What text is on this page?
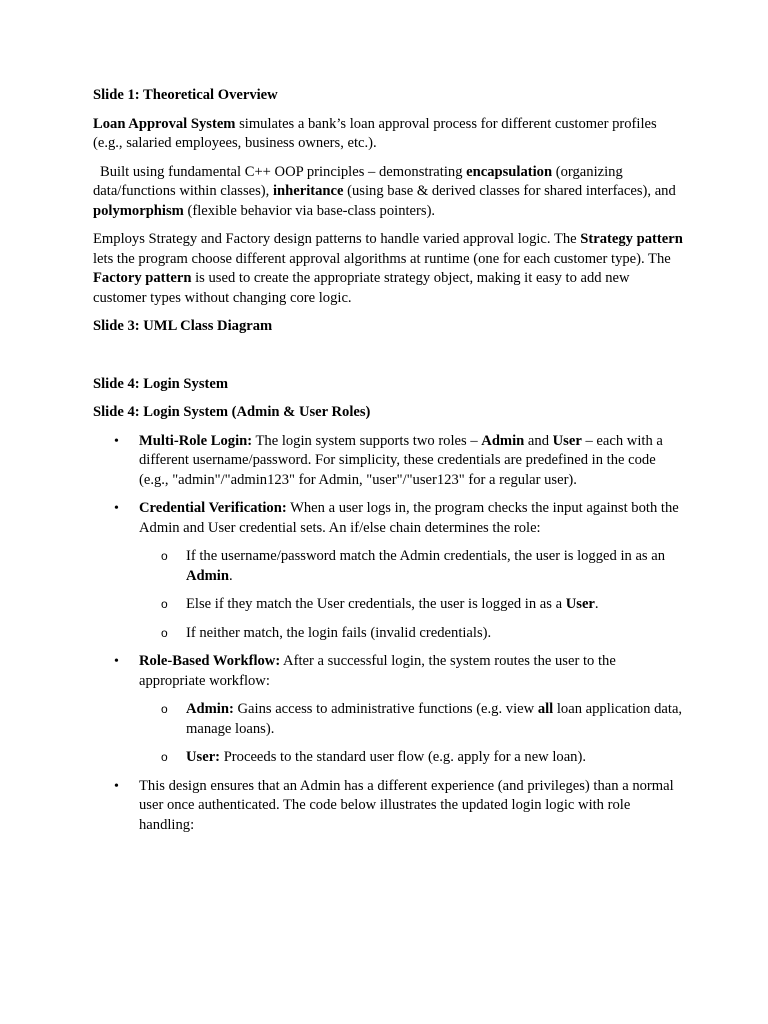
Slide 1: Theoretical Overview

Loan Approval System simulates a bank’s loan approval process for different customer profiles (e.g., salaried employees, business owners, etc.).

Built using fundamental C++ OOP principles – demonstrating encapsulation (organizing data/functions within classes), inheritance (using base & derived classes for shared interfaces), and polymorphism (flexible behavior via base-class pointers).

Employs Strategy and Factory design patterns to handle varied approval logic. The Strategy pattern lets the program choose different approval algorithms at runtime (one for each customer type). The Factory pattern is used to create the appropriate strategy object, making it easy to add new customer types without changing core logic.

Slide 3: UML Class Diagram

Slide 4: Login System

Slide 4: Login System (Admin & User Roles)

• Multi-Role Login: The login system supports two roles – Admin and User – each with a different username/password. For simplicity, these credentials are predefined in the code (e.g., "admin"/"admin123" for Admin, "user"/"user123" for a regular user).
• Credential Verification: When a user logs in, the program checks the input against both the Admin and User credential sets. An if/else chain determines the role:
o If the username/password match the Admin credentials, the user is logged in as an Admin.
o Else if they match the User credentials, the user is logged in as a User.
o If neither match, the login fails (invalid credentials).
• Role-Based Workflow: After a successful login, the system routes the user to the appropriate workflow:
o Admin: Gains access to administrative functions (e.g. view all loan application data, manage loans).
o User: Proceeds to the standard user flow (e.g. apply for a new loan).
• This design ensures that an Admin has a different experience (and privileges) than a normal user once authenticated. The code below illustrates the updated login logic with role handling:
